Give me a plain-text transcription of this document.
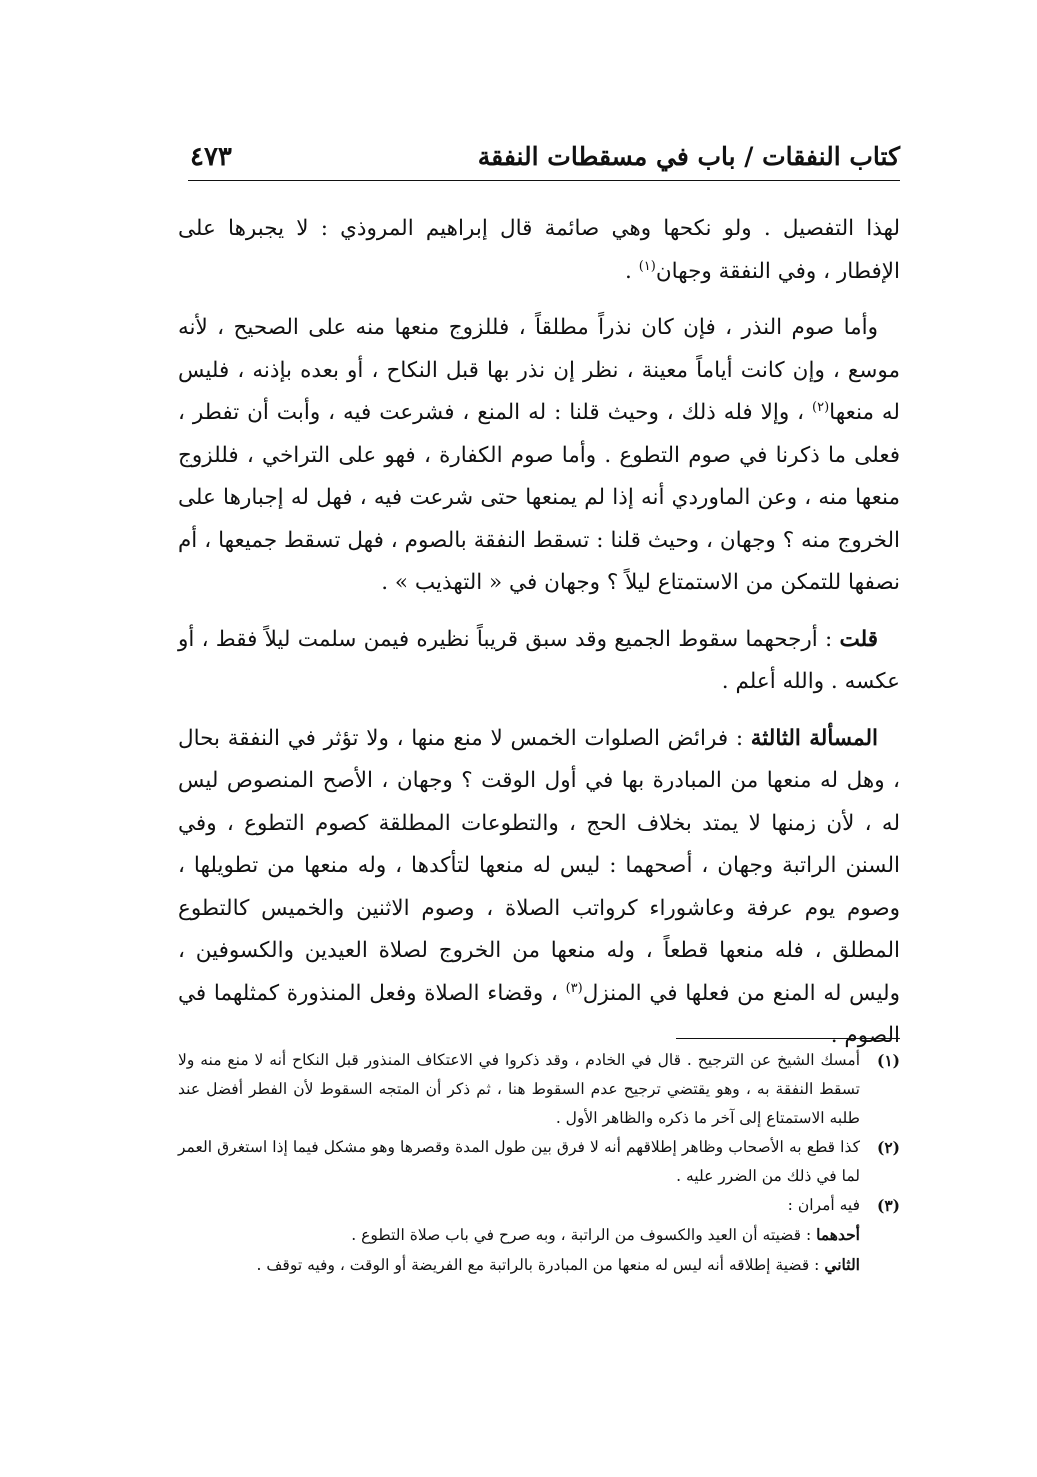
كتاب النفقات / باب في مسقطات النفقة
٤٧٣

لهذا التفصيل . ولو نكحها وهي صائمة قال إبراهيم المروذي : لا يجبرها على الإفطار ، وفي النفقة وجهان$^{(١)}$ .

وأما صوم النذر ، فإن كان نذراً مطلقاً ، فللزوج منعها منه على الصحيح ، لأنه موسع ، وإن كانت أياماً معينة ، نظر إن نذر بها قبل النكاح ، أو بعده بإذنه ، فليس له منعها$^{(٢)}$ ، وإلا فله ذلك ، وحيث قلنا : له المنع ، فشرعت فيه ، وأبت أن تفطر ، فعلى ما ذكرنا في صوم التطوع . وأما صوم الكفارة ، فهو على التراخي ، فللزوج منعها منه ، وعن الماوردي أنه إذا لم يمنعها حتى شرعت فيه ، فهل له إجبارها على الخروج منه ؟ وجهان ، وحيث قلنا : تسقط النفقة بالصوم ، فهل تسقط جميعها ، أم نصفها للتمكن من الاستمتاع ليلاً ؟ وجهان في « التهذيب » .

قلت : أرجحهما سقوط الجميع وقد سبق قريباً نظيره فيمن سلمت ليلاً فقط ، أو عكسه . والله أعلم .

المسألة الثالثة : فرائض الصلوات الخمس لا منع منها ، ولا تؤثر في النفقة بحال ، وهل له منعها من المبادرة بها في أول الوقت ؟ وجهان ، الأصح المنصوص ليس له ، لأن زمنها لا يمتد بخلاف الحج ، والتطوعات المطلقة كصوم التطوع ، وفي السنن الراتبة وجهان ، أصحهما : ليس له منعها لتأكدها ، وله منعها من تطويلها ، وصوم يوم عرفة وعاشوراء كرواتب الصلاة ، وصوم الاثنين والخميس كالتطوع المطلق ، فله منعها قطعاً ، وله منعها من الخروج لصلاة العيدين والكسوفين ، وليس له المنع من فعلها في المنزل$^{(٣)}$ ، وقضاء الصلاة وفعل المنذورة كمثلهما في الصوم .

(١)
أمسك الشيخ عن الترجيح . قال في الخادم ، وقد ذكروا في الاعتكاف المنذور قبل النكاح أنه لا منع منه ولا تسقط النفقة به ، وهو يقتضي ترجيح عدم السقوط هنا ، ثم ذكر أن المتجه السقوط لأن الفطر أفضل عند طلبه الاستمتاع إلى آخر ما ذكره والظاهر الأول .
(٢)
كذا قطع به الأصحاب وظاهر إطلاقهم أنه لا فرق بين طول المدة وقصرها وهو مشكل فيما إذا استغرق العمر لما في ذلك من الضرر عليه .
(٣)
فيه أمران :

أحدهما : قضيته أن العيد والكسوف من الراتبة ، وبه صرح في باب صلاة التطوع .

الثاني : قضية إطلاقه أنه ليس له منعها من المبادرة بالراتبة مع الفريضة أو الوقت ، وفيه توقف .
